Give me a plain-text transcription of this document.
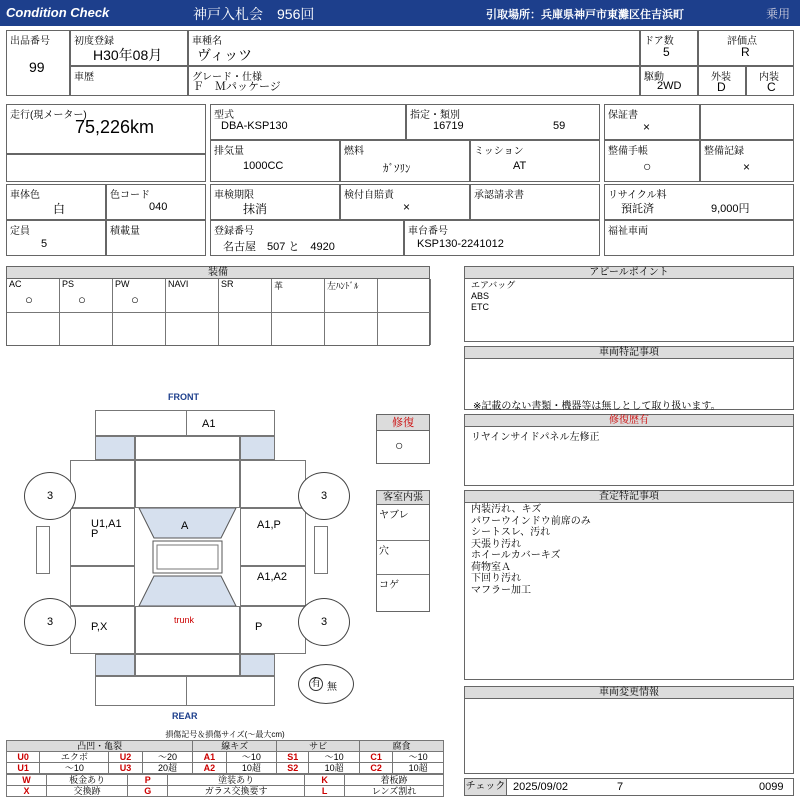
Condition Check	神戸入札会　956回	引取場所：兵庫県神戸市東灘区住吉浜町	乗用
出品番号
99
初度登録
H30年08月
車歴
車種名
ヴィッツ
グレード・仕様
Ｆ　Ｍパッケージ
ドア数
5
評価点
R
駆動
2WD
外装
D
内装
C
走行(現メーター)
75,226km
型式
DBA-KSP130
指定・類別
16719	59
排気量
1000CC
燃料
ｶﾞｿﾘﾝ
ミッション
AT
保証書
×
整備手帳
○
整備記録
×
車体色
白
色コード
040
定員
5
積載量
車検期限
抹消
検付自賠責
×
承認請求書
登録番号
名古屋　507 と　4920
車台番号
KSP130-2241012
リサイクル料
預託済	9,000円
福祉車両
装備
AC
○
PS
○
PW
○
NAVI	SR	革	左ﾊﾝﾄﾞﾙ
アピールポイント
エアバッグ
ABS
ETC
車両特記事項
※記載のない書類・機器等は無しとして取り扱います。
修復歴有
リヤインサイドパネル左修正
査定特記事項
内装汚れ、キズ
パワーウインドウ前席のみ
シートスレ、汚れ
天張り汚れ
ホイールカバーキズ
荷物室Ａ
下回り汚れ
マフラー加工
車両変更情報
チェック 2025/09/02	7	0099
FRONT
REAR
A1
U1,A1 P
A1,P
A1,A2
P,X	P
trunk
A
3	3
3	3
有 無
修復
○
客室内張
ヤブレ
穴
コゲ
損傷記号＆損傷サイズ(〜最大cm)
凸凹・亀裂				線キズ		サビ		腐食	
U0	エクボ	U2	〜20	A1	〜10	S1	〜10	C1	〜10
U1	〜10	U3	20超	A2	10超	S2	10超	C2	10超
W	板金あり	P	塗装あり	K	着板跡
X	交換跡	G	ガラス交換要す	L	レンズ割れ
